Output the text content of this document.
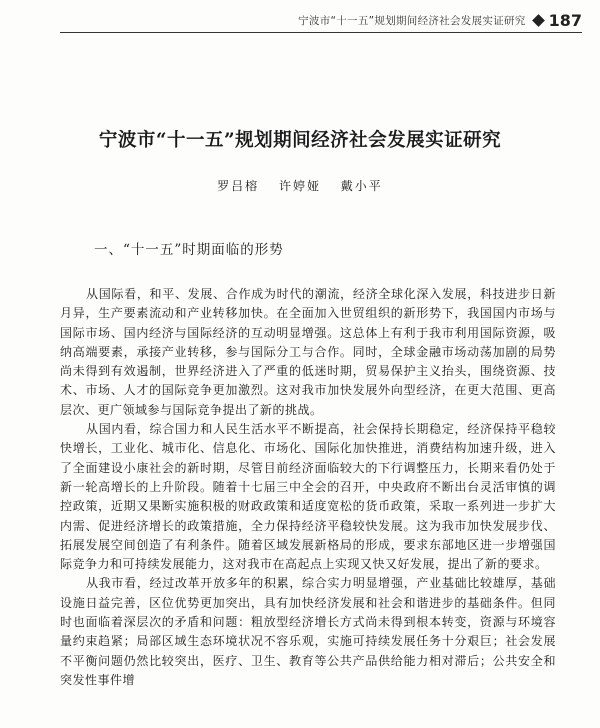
宁波市“十一五”规划期间经济社会发展实证研究 187
宁波市“十一五”规划期间经济社会发展实证研究
罗吕榕 许婷娅 戴小平
一、“十一五”时期面临的形势

从国际看，和平、发展、合作成为时代的潮流，经济全球化深入发展，科技进步日新月异，生产要素流动和产业转移加快。在全面加入世贸组织的新形势下，我国国内市场与国际市场、国内经济与国际经济的互动明显增强。这总体上有利于我市利用国际资源，吸纳高端要素，承接产业转移，参与国际分工与合作。同时，全球金融市场动荡加剧的局势尚未得到有效遏制，世界经济进入了严重的低迷时期，贸易保护主义抬头，围绕资源、技术、市场、人才的国际竞争更加激烈。这对我市加快发展外向型经济，在更大范围、更高层次、更广领域参与国际竞争提出了新的挑战。

从国内看，综合国力和人民生活水平不断提高，社会保持长期稳定，经济保持平稳较快增长，工业化、城市化、信息化、市场化、国际化加快推进，消费结构加速升级，进入了全面建设小康社会的新时期，尽管目前经济面临较大的下行调整压力，长期来看仍处于新一轮高增长的上升阶段。随着十七届三中全会的召开，中央政府不断出台灵活审慎的调控政策，近期又果断实施积极的财政政策和适度宽松的货币政策，采取一系列进一步扩大内需、促进经济增长的政策措施，全力保持经济平稳较快发展。这为我市加快发展步伐、拓展发展空间创造了有利条件。随着区域发展新格局的形成，要求东部地区进一步增强国际竞争力和可持续发展能力，这对我市在高起点上实现又快又好发展，提出了新的要求。

从我市看，经过改革开放多年的积累，综合实力明显增强，产业基础比较雄厚，基础设施日益完善，区位优势更加突出，具有加快经济发展和社会和谐进步的基础条件。但同时也面临着深层次的矛盾和问题：粗放型经济增长方式尚未得到根本转变，资源与环境容量约束趋紧；局部区域生态环境状况不容乐观，实施可持续发展任务十分艰巨；社会发展不平衡问题仍然比较突出，医疗、卫生、教育等公共产品供给能力相对滞后；公共安全和突发性事件增
